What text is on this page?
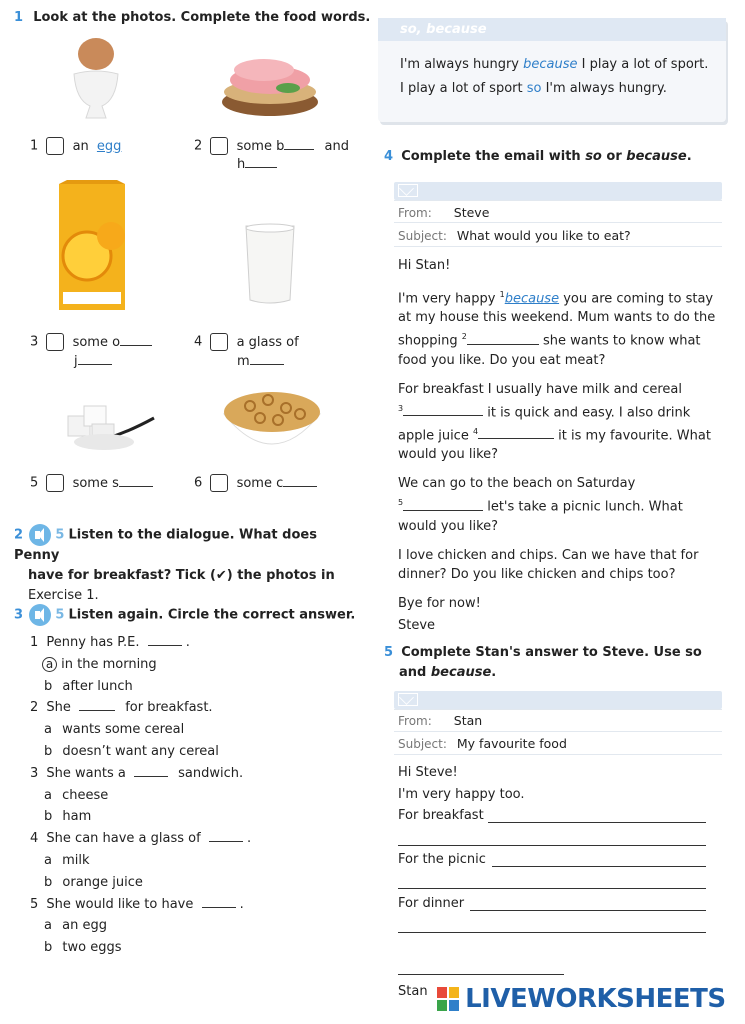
1 Look at the photos. Complete the food words.
1	an egg	2	some b	and
h
3	some o
j
4	a glass of
m
5	some s	6	some c
2 5 Listen to the dialogue. What does Penny
have for breakfast? Tick (✔) the photos in
Exercise 1.
3 5 Listen again. Circle the correct answer.
1 Penny has P.E.	.
a in the morning
b after lunch
2 She	for breakfast.
a wants some cereal
b doesn’t want any cereal
3 She wants a	sandwich.
a cheese
b ham
4 She can have a glass of	.
a milk
b orange juice
5 She would like to have	.
a an egg
b two eggs
so, because
I'm always hungry because I play a lot of sport.
I play a lot of sport so I'm always hungry.
4 Complete the email with so or because.
From: Steve
Subject: What would you like to eat?
Hi Stan!
I'm very happy $^1$because you are coming to stay
at my house this weekend. Mum wants to do the
shopping $^2$	she wants to know what
food you like. Do you eat meat?
For breakfast I usually have milk and cereal
$^3$	it is quick and easy. I also drink
apple juice $^4$	it is my favourite. What
would you like?
We can go to the beach on Saturday
$^5$	let's take a picnic lunch. What
would you like?
I love chicken and chips. Can we have that for
dinner? Do you like chicken and chips too?
Bye for now!
Steve
5 Complete Stan's answer to Steve. Use so
and because.
From: Stan
Subject: My favourite food
Hi Steve!
I'm very happy too.
For breakfast
For the picnic
For dinner
Stan	LIVEWORKSHEETS
